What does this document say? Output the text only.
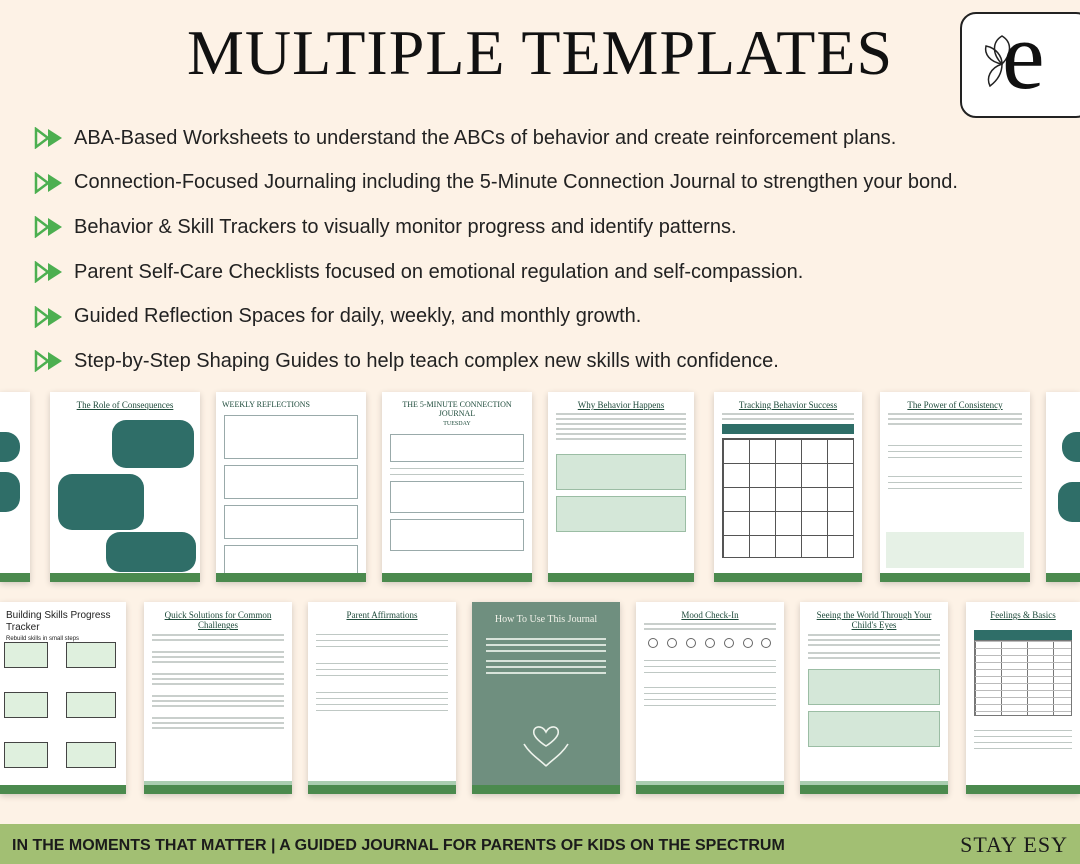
MULTIPLE TEMPLATES	e
ABA-Based Worksheets to understand the ABCs of behavior and create reinforcement plans.
Connection-Focused Journaling including the 5-Minute Connection Journal to strengthen your bond.
Behavior & Skill Trackers to visually monitor progress and identify patterns.
Parent Self-Care Checklists focused on emotional regulation and self-compassion.
Guided Reflection Spaces for daily, weekly, and monthly growth.
Step-by-Step Shaping Guides to help teach complex new skills with confidence.
The Role of Consequences	WEEKLY REFLECTIONS	THE 5-MINUTE CONNECTION JOURNAL
TUESDAY
Why Behavior Happens	Tracking Behavior Success	The Power of Consistency
Building Skills Progress Tracker
Rebuild skills in small steps
Quick Solutions for Common Challenges
Parent Affirmations	How To Use This Journal	Mood Check-In	Seeing the World Through Your Child's Eyes
Feelings & Basics
IN THE MOMENTS THAT MATTER | A GUIDED JOURNAL FOR PARENTS OF KIDS ON THE SPECTRUM	STAY ESY
